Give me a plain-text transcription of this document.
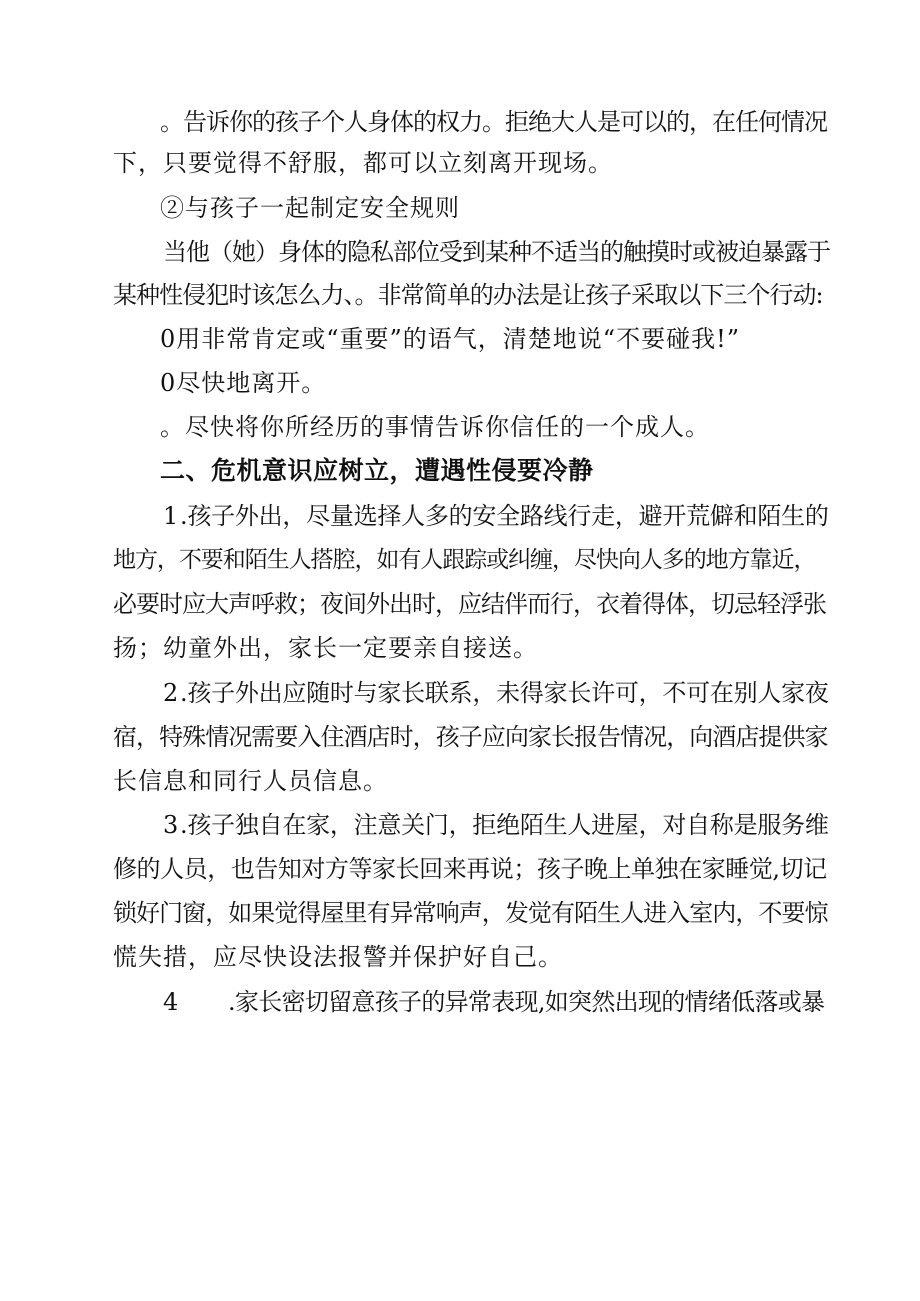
。告诉你的孩子个人身体的权力。拒绝大人是可以的，在任何情况
下，只要觉得不舒服，都可以立刻离开现场。
②与孩子一起制定安全规则
当他（她）身体的隐私部位受到某种不适当的触摸时或被迫暴露于
某种性侵犯时该怎么力、。非常简单的办法是让孩子采取以下三个行动:
0用非常肯定或“重要”的语气，清楚地说“不要碰我!”
0尽快地离开。
。尽快将你所经历的事情告诉你信任的一个成人。
二、危机意识应树立，遭遇性侵要冷静
1 .孩子外出，尽量选择人多的安全路线行走，避开荒僻和陌生的
地方，不要和陌生人搭腔，如有人跟踪或纠缠，尽快向人多的地方靠近，
必要时应大声呼救；夜间外出时，应结伴而行，衣着得体，切忌轻浮张
扬；幼童外出，家长一定要亲自接送。
2 .孩子外出应随时与家长联系，未得家长许可，不可在别人家夜
宿，特殊情况需要入住酒店时，孩子应向家长报告情况，向酒店提供家
长信息和同行人员信息。
3 .孩子独自在家，注意关门，拒绝陌生人进屋，对自称是服务维
修的人员，也告知对方等家长回来再说；孩子晚上单独在家睡觉,切记
锁好门窗，如果觉得屋里有异常响声，发觉有陌生人进入室内，不要惊
慌失措，应尽快设法报警并保护好自己。
4 .家长密切留意孩子的异常表现,如突然出现的情绪低落或暴
